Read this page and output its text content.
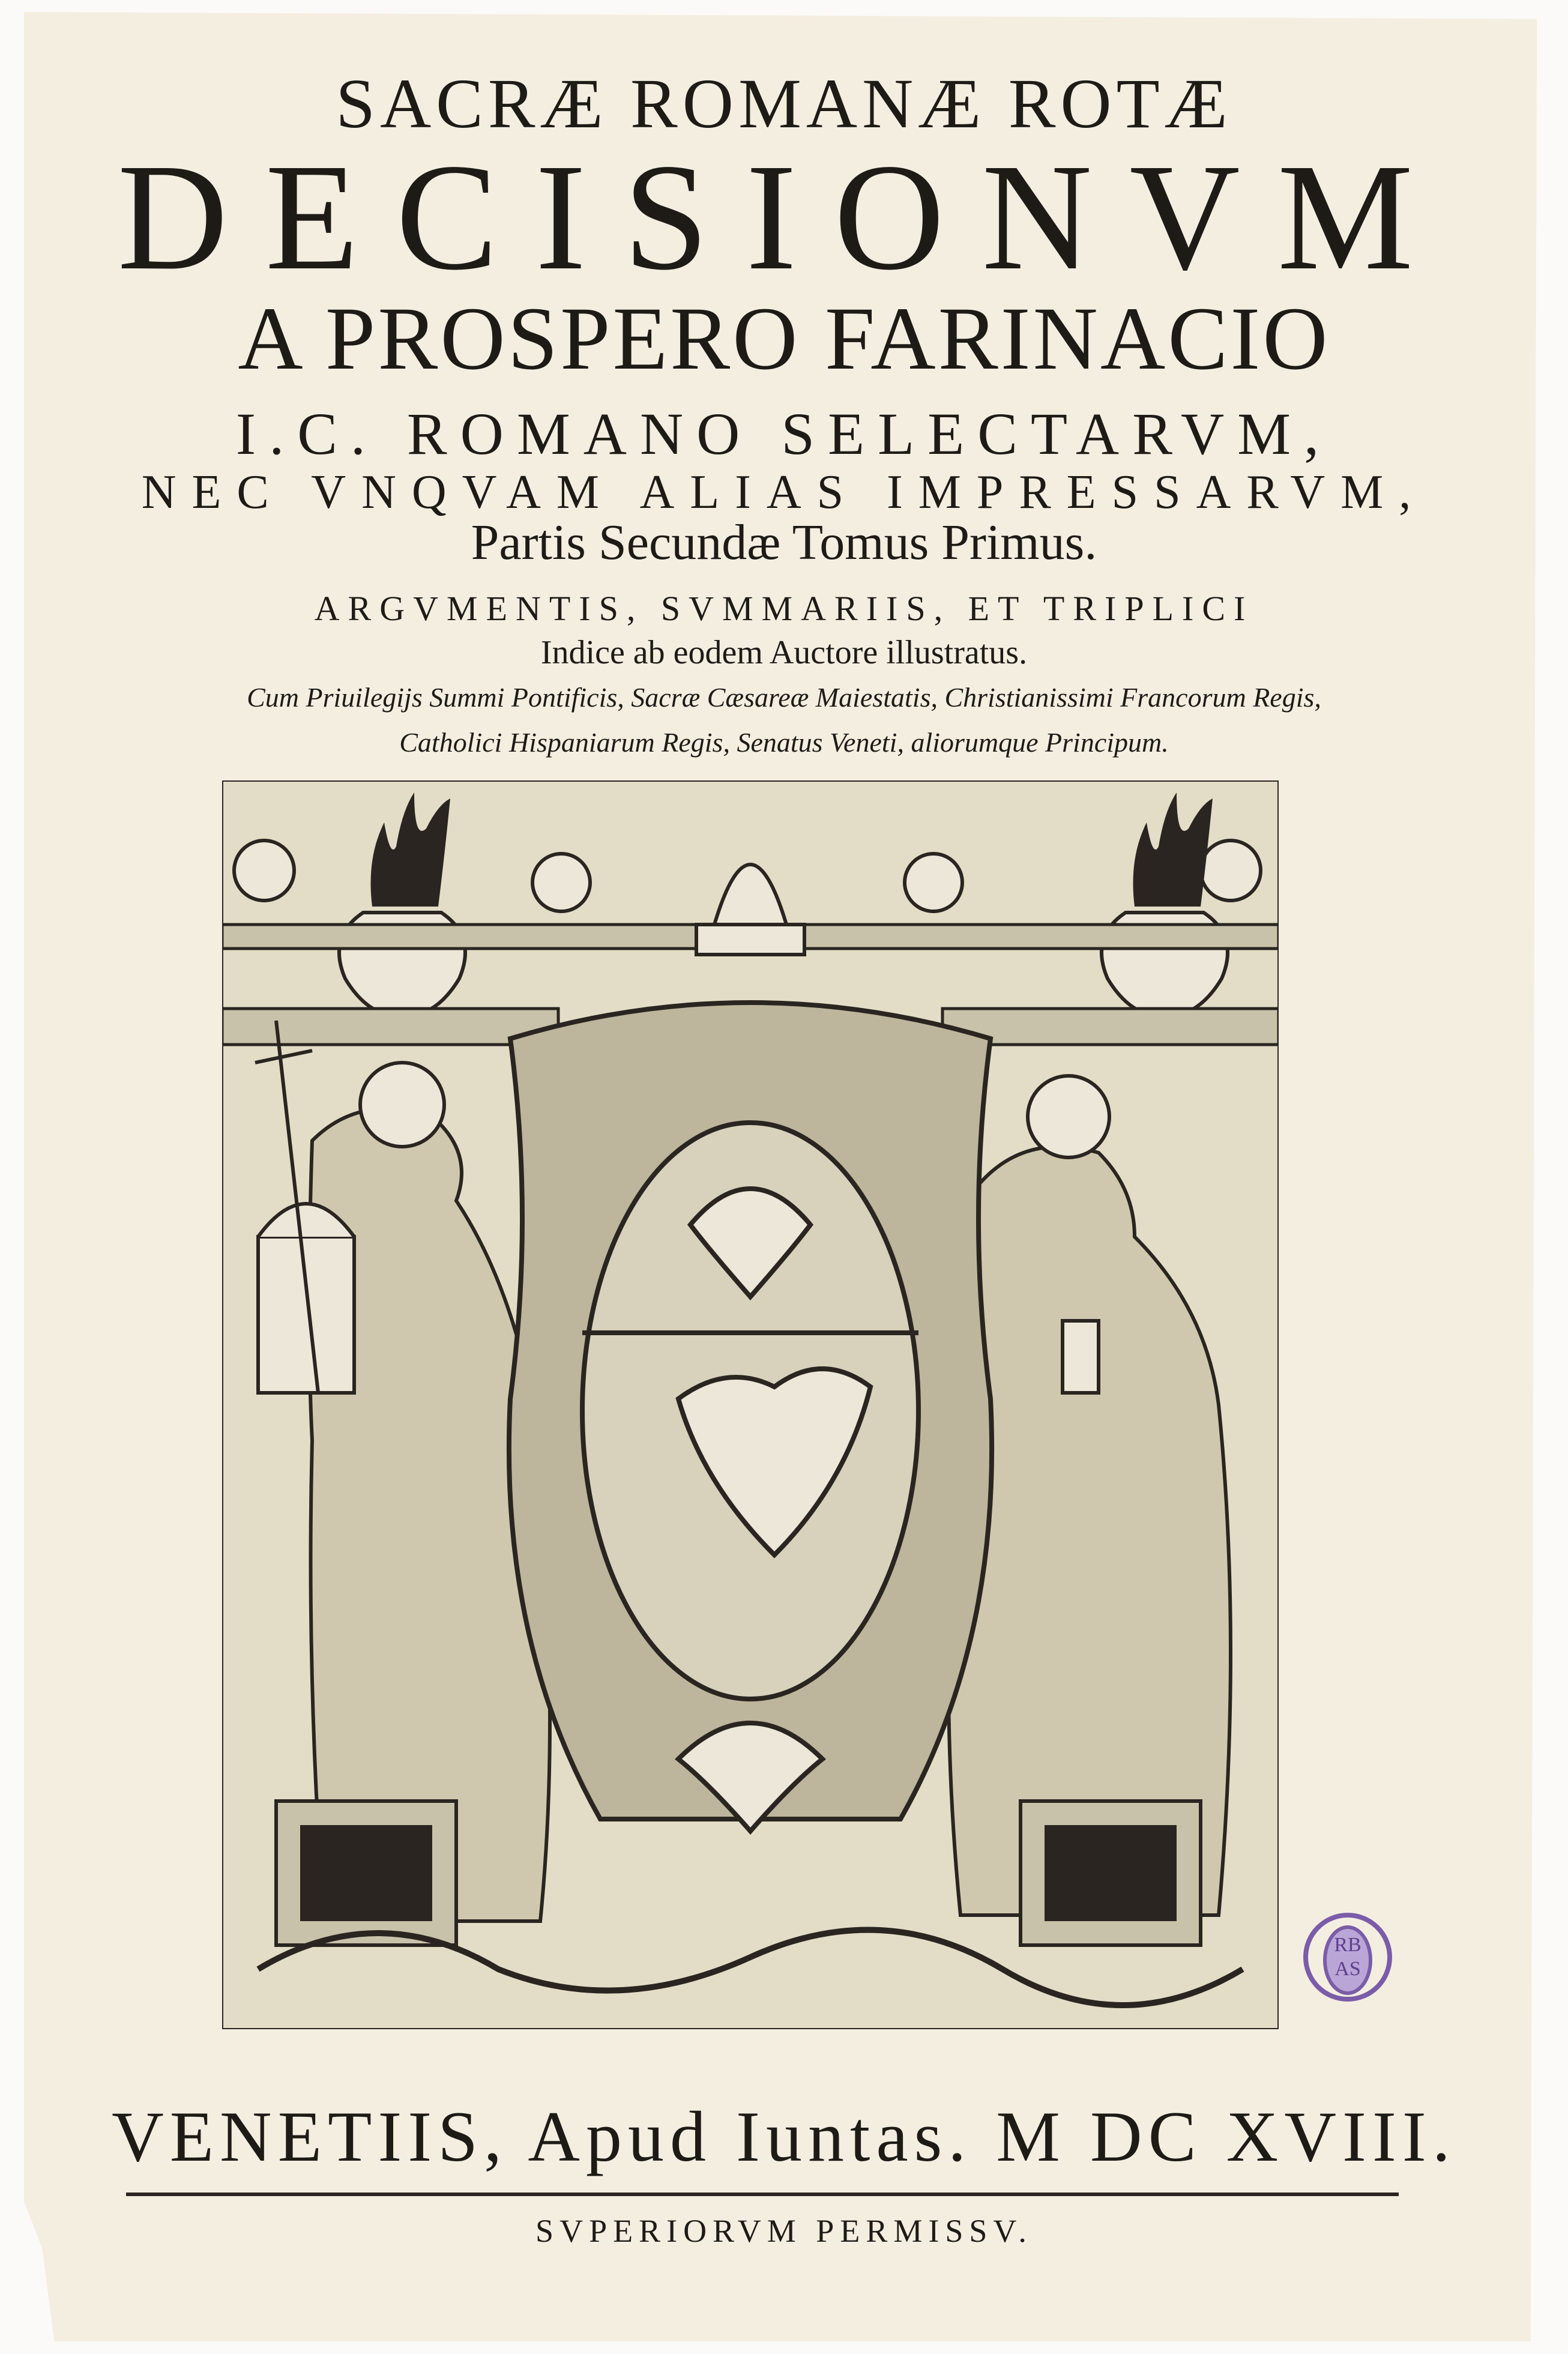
SACRÆ ROMANÆ ROTÆ
DECISIONVM
A PROSPERO FARINACIO
I.C. ROMANO SELECTARVM,
NEC VNQVAM ALIAS IMPRESSARVM,
Partis Secundæ Tomus Primus.
ARGVMENTIS, SVMMARIIS, ET TRIPLICI
Indice ab eodem Auctore illustratus.
Cum Priuilegijs Summi Pontificis, Sacræ Cæsareæ Maiestatis, Christianissimi Francorum Regis,
Catholici Hispaniarum Regis, Senatus Veneti, aliorumque Principum.
RB
AS
VENETIIS, Apud Iuntas. M DC XVIII.
SVPERIORVM PERMISSV.
